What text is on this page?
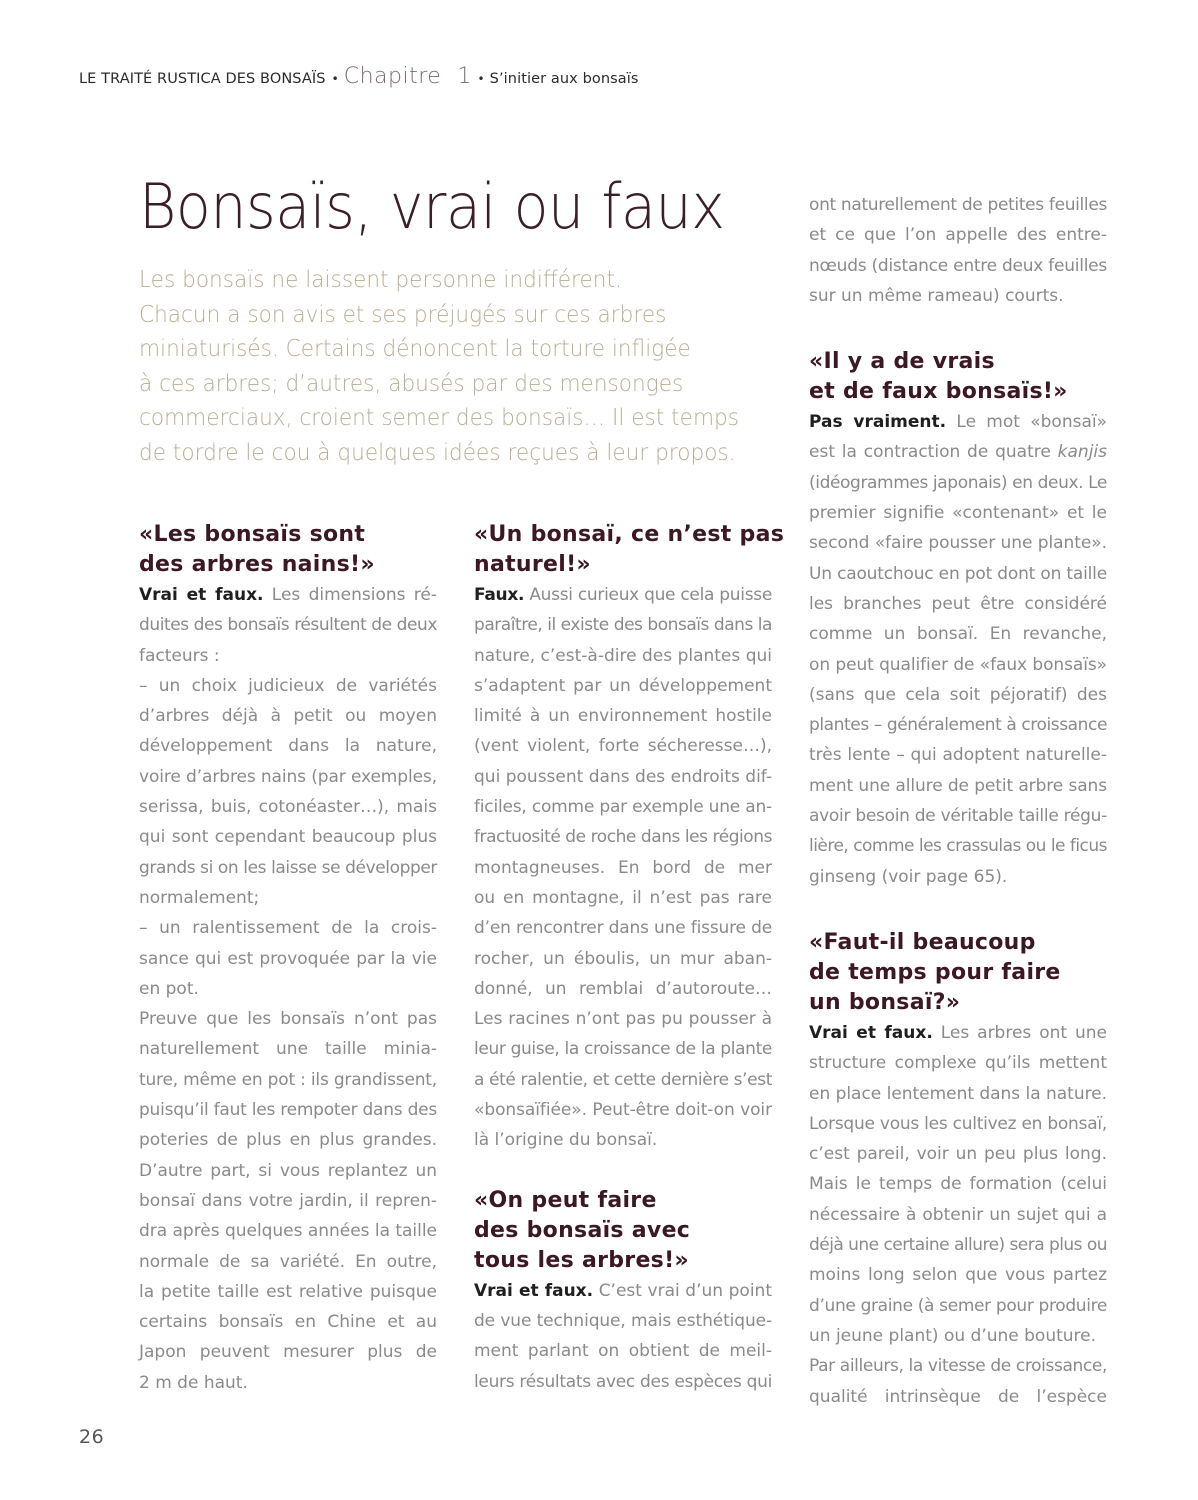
LE TRAITÉ RUSTICA DES BONSAÏS • Chapitre 1 • S’initier aux bonsaïs
Bonsaïs, vrai ou faux
Les bonsaïs ne laissent personne indifférent.
Chacun a son avis et ses préjugés sur ces arbres
miniaturisés. Certains dénoncent la torture infligée
à ces arbres; d’autres, abusés par des mensonges
commerciaux, croient semer des bonsaïs… Il est temps
de tordre le cou à quelques idées reçues à leur propos.
«Les bonsaïs sont
des arbres nains!»
Vrai et faux. Les dimensions ré-
duites des bonsaïs résultent de deux
facteurs :
– un choix judicieux de variétés
d’arbres déjà à petit ou moyen
développement dans la nature,
voire d’arbres nains (par exemples,
serissa, buis, cotonéaster…), mais
qui sont cependant beaucoup plus
grands si on les laisse se développer
normalement;
– un ralentissement de la crois-
sance qui est provoquée par la vie
en pot.
Preuve que les bonsaïs n’ont pas
naturellement une taille minia-
ture, même en pot : ils grandissent,
puisqu’il faut les rempoter dans des
poteries de plus en plus grandes.
D’autre part, si vous replantez un
bonsaï dans votre jardin, il repren-
dra après quelques années la taille
normale de sa variété. En outre,
la petite taille est relative puisque
certains bonsaïs en Chine et au
Japon peuvent mesurer plus de
2 m de haut.
«Un bonsaï, ce n’est pas
naturel!»
Faux. Aussi curieux que cela puisse
paraître, il existe des bonsaïs dans la
nature, c’est-à-dire des plantes qui
s’adaptent par un développement
limité à un environnement hostile
(vent violent, forte sécheresse…),
qui poussent dans des endroits dif-
ficiles, comme par exemple une an-
fractuosité de roche dans les régions
montagneuses. En bord de mer
ou en montagne, il n’est pas rare
d’en rencontrer dans une fissure de
rocher, un éboulis, un mur aban-
donné, un remblai d’autoroute…
Les racines n’ont pas pu pousser à
leur guise, la croissance de la plante
a été ralentie, et cette dernière s’est
«bonsaïfiée». Peut-être doit-on voir
là l’origine du bonsaï.
«On peut faire
des bonsaïs avec
tous les arbres!»
Vrai et faux. C’est vrai d’un point
de vue technique, mais esthétique-
ment parlant on obtient de meil-
leurs résultats avec des espèces qui
ont naturellement de petites feuilles
et ce que l’on appelle des entre-
nœuds (distance entre deux feuilles
sur un même rameau) courts.
«Il y a de vrais
et de faux bonsaïs!»
Pas vraiment. Le mot «bonsaï»
est la contraction de quatre kanjis
(idéogrammes japonais) en deux. Le
premier signifie «contenant» et le
second «faire pousser une plante».
Un caoutchouc en pot dont on taille
les branches peut être considéré
comme un bonsaï. En revanche,
on peut qualifier de «faux bonsaïs»
(sans que cela soit péjoratif) des
plantes – généralement à croissance
très lente – qui adoptent naturelle-
ment une allure de petit arbre sans
avoir besoin de véritable taille régu-
lière, comme les crassulas ou le ficus
ginseng (voir page 65).
«Faut-il beaucoup
de temps pour faire
un bonsaï?»
Vrai et faux. Les arbres ont une
structure complexe qu’ils mettent
en place lentement dans la nature.
Lorsque vous les cultivez en bonsaï,
c’est pareil, voir un peu plus long.
Mais le temps de formation (celui
nécessaire à obtenir un sujet qui a
déjà une certaine allure) sera plus ou
moins long selon que vous partez
d’une graine (à semer pour produire
un jeune plant) ou d’une bouture.
Par ailleurs, la vitesse de croissance,
qualité intrinsèque de l’espèce
26
